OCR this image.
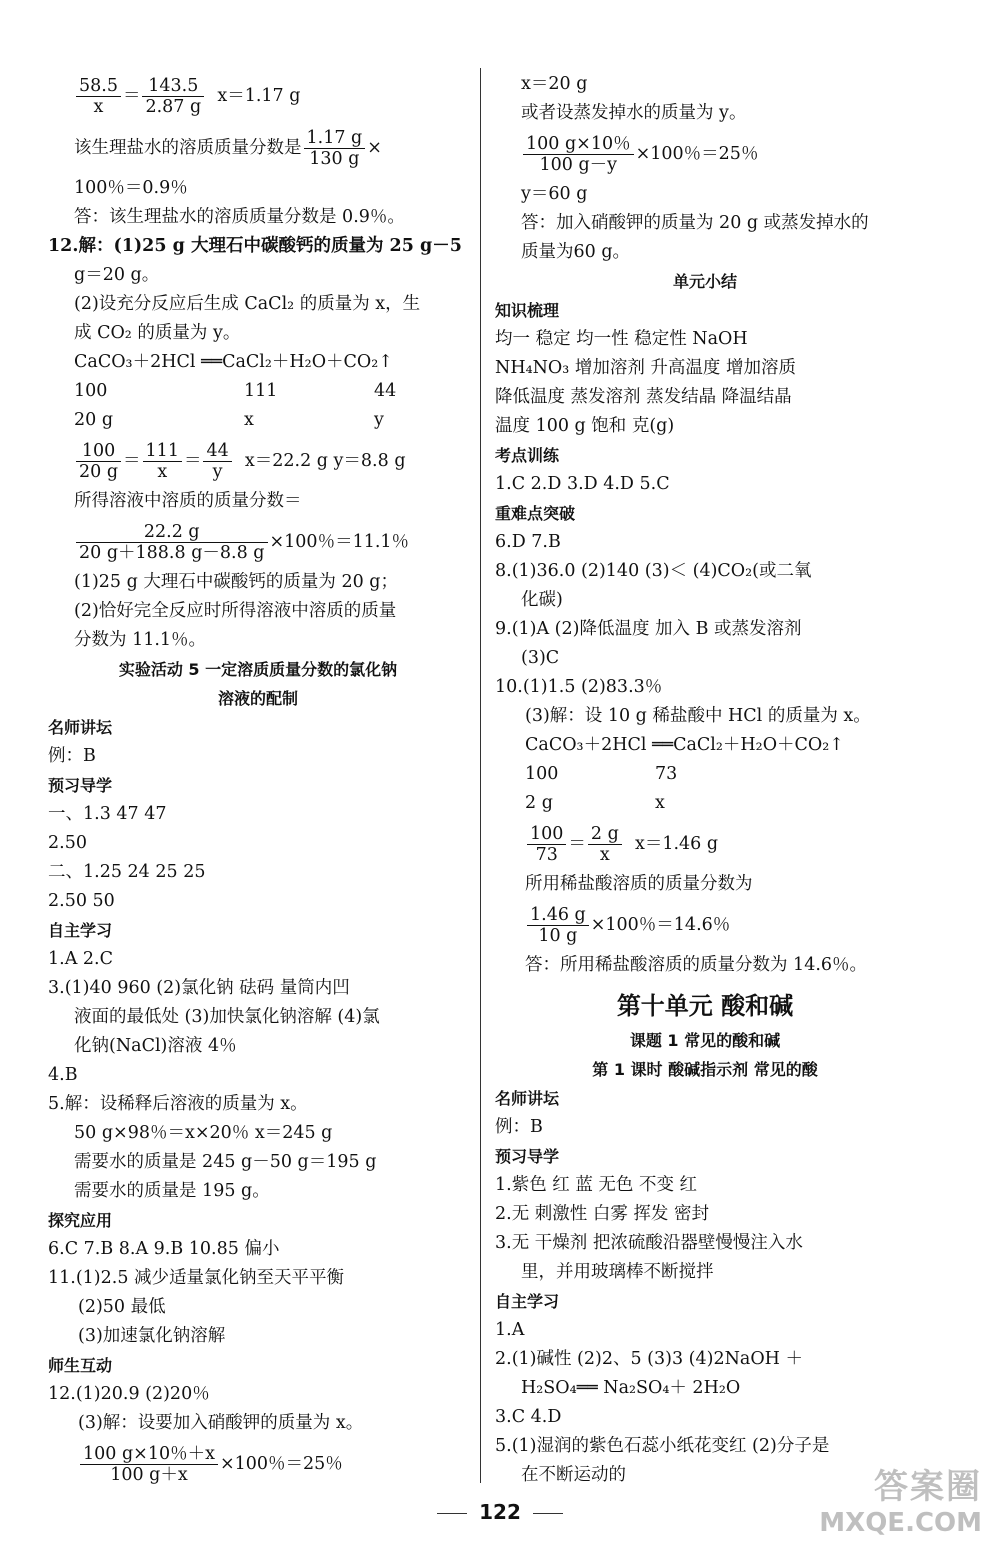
$\frac{58.5}{x} = \frac{143.5}{2.87 g}$
x＝1.17 g
该生理盐水的溶质质量分数是 $\frac{1.17 g}{130 g}$ ×
100％＝0.9％
答：该生理盐水的溶质质量分数是 0.9％。
12.解：(1)25 g 大理石中碳酸钙的质量为 25 g－5
g＝20 g。
(2)设充分反应后生成 CaCl₂ 的质量为 x，生
成 CO₂ 的质量为 y。
CaCO₃＋2HCl ══CaCl₂＋H₂O＋CO₂↑
100	111	44
20 g	x	y
$\frac{100}{20 g} = \frac{111}{x} = \frac{44}{y}$
x＝22.2 g y＝8.8 g
所得溶液中溶质的质量分数＝
$\frac{22.2 g}{20 g+188.8 g-8.8 g} \times 100$％＝11.1％
(1)25 g 大理石中碳酸钙的质量为 20 g；
(2)恰好完全反应时所得溶液中溶质的质量
分数为 11.1％。
实验活动 5 一定溶质质量分数的氯化钠
溶液的配制
名师讲坛
例：B
预习导学
一、1.3 47 47
2.50
二、1.25 24 25 25
2.50 50
自主学习
1.A 2.C
3.(1)40 960 (2)氯化钠 砝码 量筒内凹
液面的最低处 (3)加快氯化钠溶解 (4)氯
化钠(NaCl)溶液 4％
4.B
5.解：设稀释后溶液的质量为 x。
50 g×98％＝x×20％ x＝245 g
需要水的质量是 245 g－50 g＝195 g
需要水的质量是 195 g。
探究应用
6.C 7.B 8.A 9.B 10.85 偏小
11.(1)2.5 减少适量氯化钠至天平平衡
(2)50 最低
(3)加速氯化钠溶解
师生互动
12.(1)20.9 (2)20％
(3)解：设要加入硝酸钾的质量为 x。
$\frac{100 g\times 10\%+x}{100 g+x} \times 100$％＝25％
x＝20 g
或者设蒸发掉水的质量为 y。
$\frac{100 g\times 10\%}{100 g-y} \times 100$％＝25％
y＝60 g
答：加入硝酸钾的质量为 20 g 或蒸发掉水的
质量为60 g。
单元小结
知识梳理
均一 稳定 均一性 稳定性 NaOH
NH₄NO₃ 增加溶剂 升高温度 增加溶质
降低温度 蒸发溶剂 蒸发结晶 降温结晶
温度 100 g 饱和 克(g)
考点训练
1.C 2.D 3.D 4.D 5.C
重难点突破
6.D 7.B
8.(1)36.0 (2)140 (3)＜ (4)CO₂(或二氧
化碳)
9.(1)A (2)降低温度 加入 B 或蒸发溶剂
(3)C
10.(1)1.5 (2)83.3％
(3)解：设 10 g 稀盐酸中 HCl 的质量为 x。
CaCO₃＋2HCl ══CaCl₂＋H₂O＋CO₂↑
100	73
2 g	x
$\frac{100}{73} = \frac{2 g}{x}$
x＝1.46 g
所用稀盐酸溶质的质量分数为
$\frac{1.46 g}{10 g} \times 100$％＝14.6％
答：所用稀盐酸溶质的质量分数为 14.6％。
第十单元 酸和碱
课题 1 常见的酸和碱
第 1 课时 酸碱指示剂 常见的酸
名师讲坛
例：B
预习导学
1.紫色 红 蓝 无色 不变 红
2.无 刺激性 白雾 挥发 密封
3.无 干燥剂 把浓硫酸沿器壁慢慢注入水
里，并用玻璃棒不断搅拌
自主学习
1.A
2.(1)碱性 (2)2、5 (3)3 (4)2NaOH ＋
H₂SO₄══ Na₂SO₄＋ 2H₂O
3.C 4.D
5.(1)湿润的紫色石蕊小纸花变红 (2)分子是
在不断运动的
122
答案圈
MXQE.COM
